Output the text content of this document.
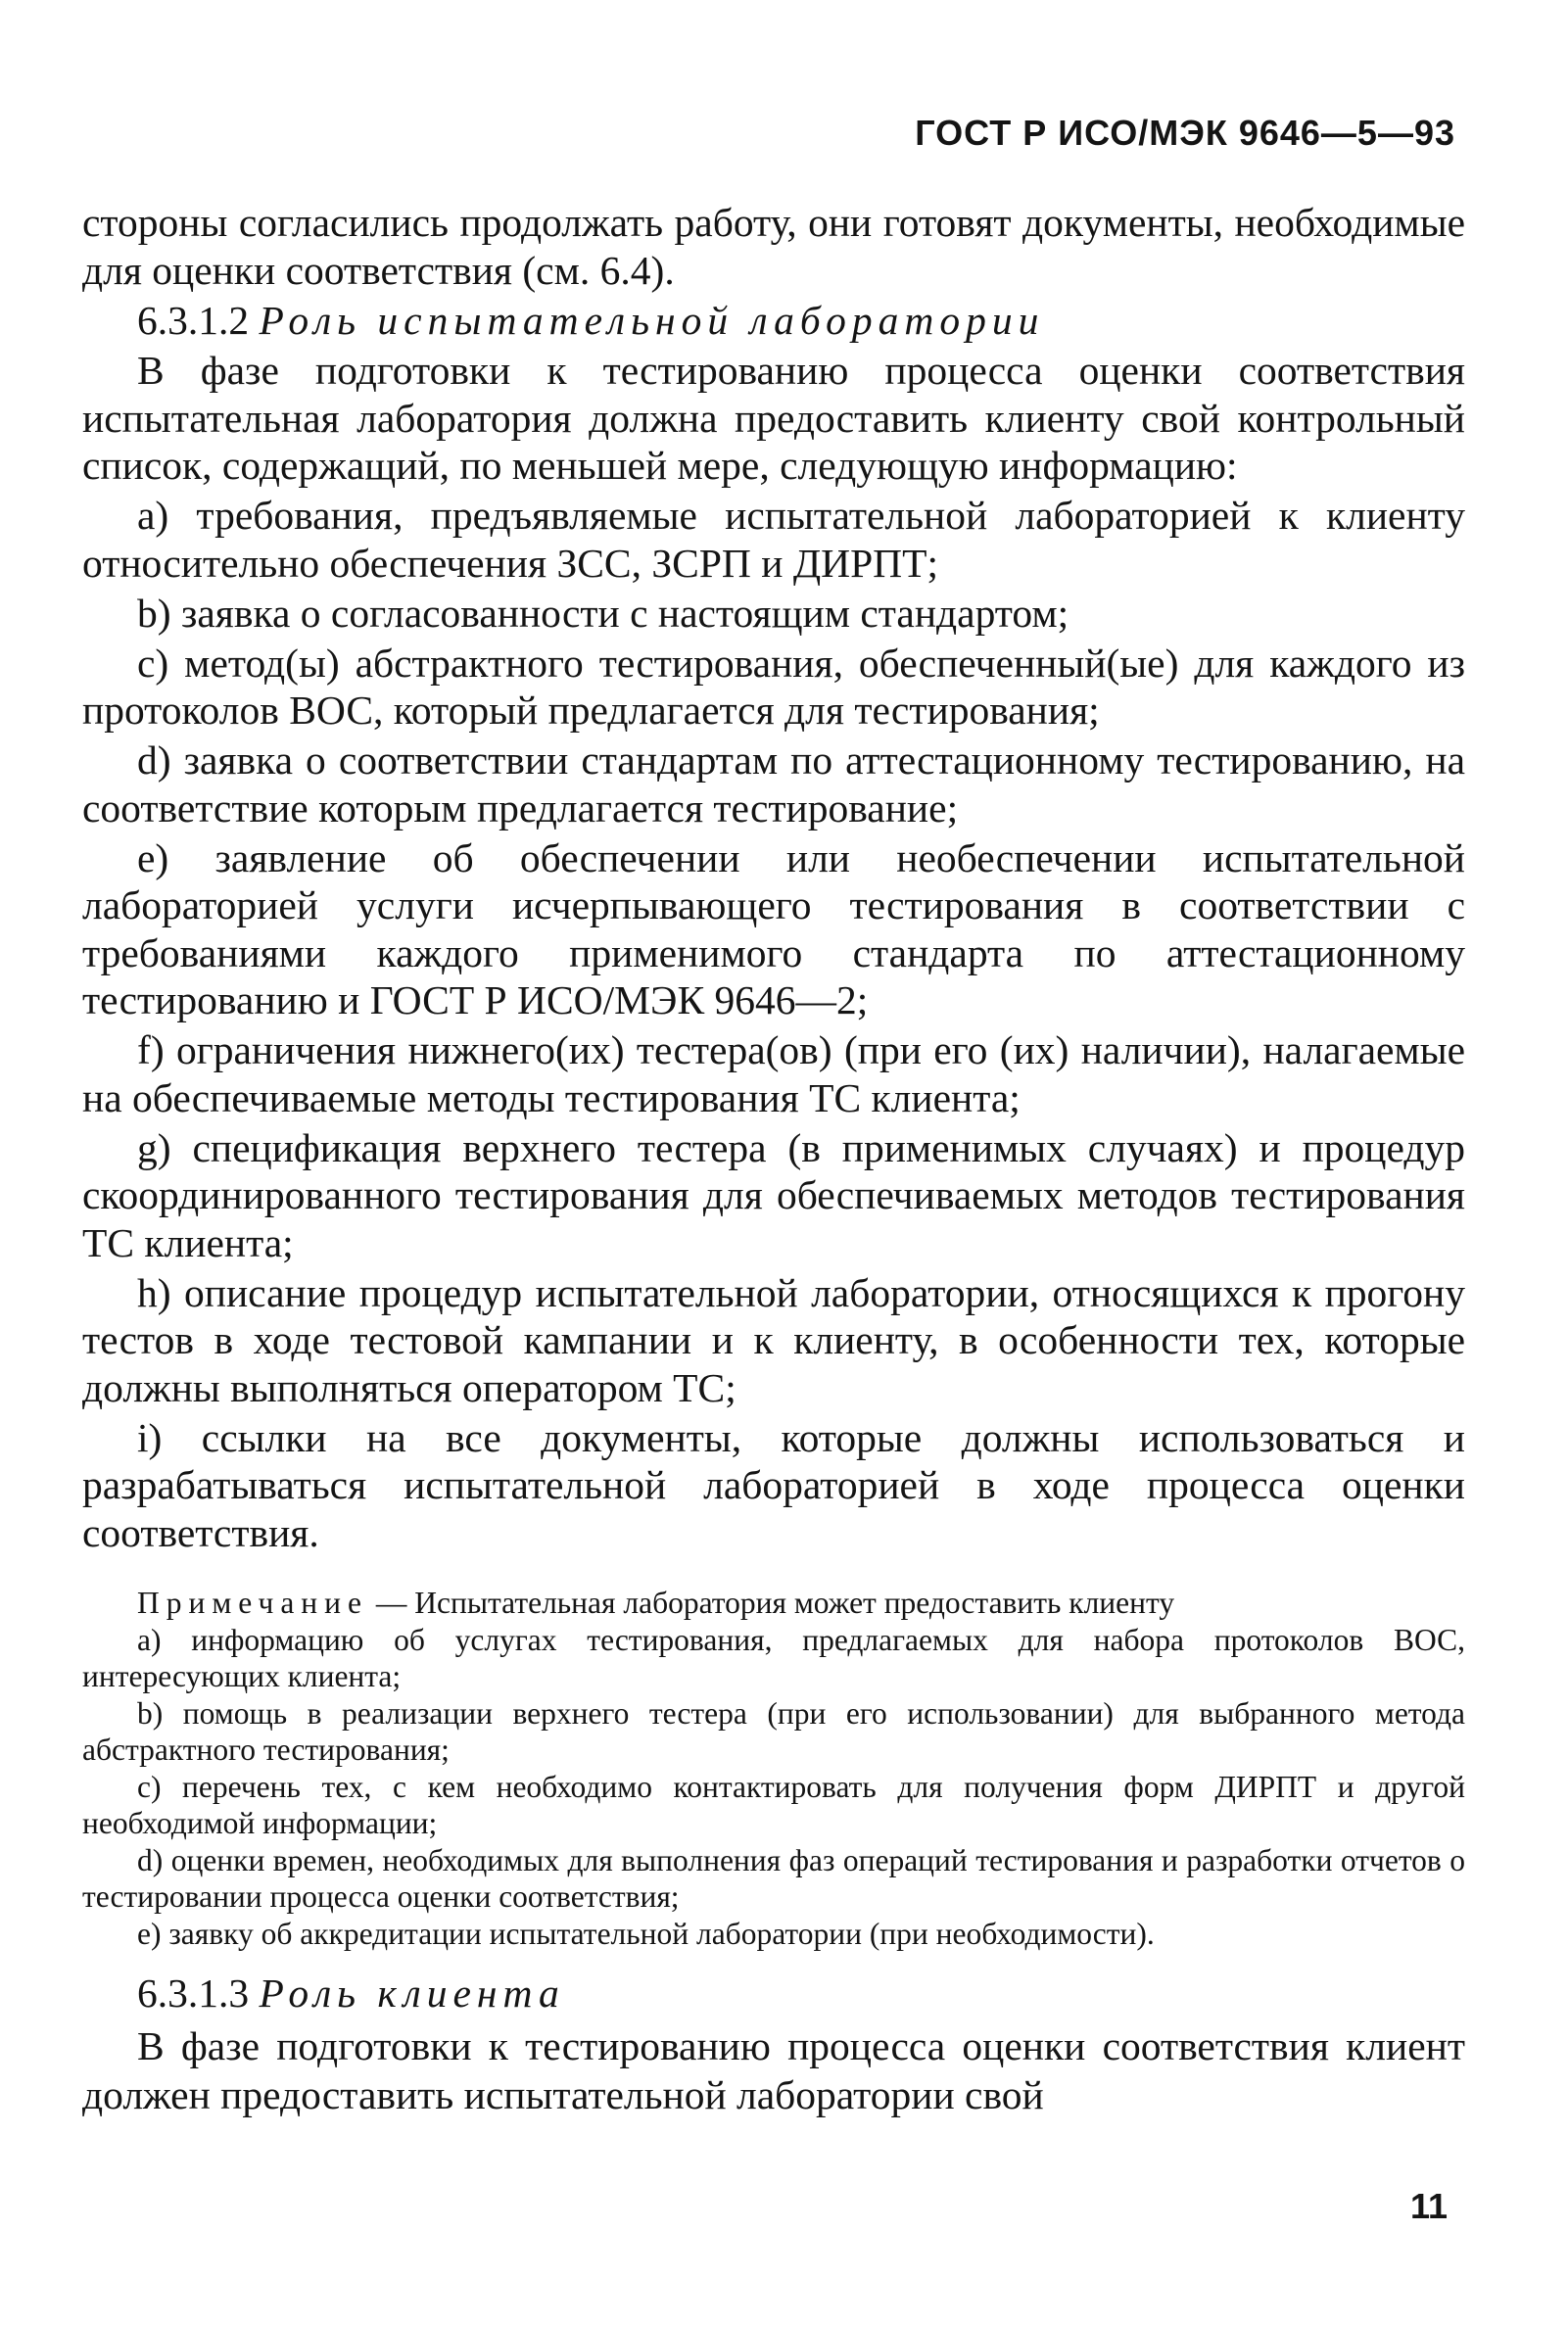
ГОСТ Р ИСО/МЭК 9646—5—93

стороны согласились продолжать работу, они готовят документы, необходимые для оценки соответствия (см. 6.4).

6.3.1.2 Роль испытательной лаборатории

В фазе подготовки к тестированию процесса оценки соответствия испытательная лаборатория должна предоставить клиенту свой контрольный список, содержащий, по меньшей мере, следующую информацию:

а) требования, предъявляемые испытательной лабораторией к клиенту относительно обеспечения ЗСС, ЗСРП и ДИРПТ;

b) заявка о согласованности с настоящим стандартом;

с) метод(ы) абстрактного тестирования, обеспеченный(ые) для каждого из протоколов ВОС, который предлагается для тестирования;

d) заявка о соответствии стандартам по аттестационному тестированию, на соответствие которым предлагается тестирование;

е) заявление об обеспечении или необеспечении испытательной лабораторией услуги исчерпывающего тестирования в соответствии с требованиями каждого применимого стандарта по аттестационному тестированию и ГОСТ Р ИСО/МЭК 9646—2;

f) ограничения нижнего(их) тестера(ов) (при его (их) наличии), налагаемые на обеспечиваемые методы тестирования ТС клиента;

g) спецификация верхнего тестера (в применимых случаях) и процедур скоординированного тестирования для обеспечиваемых методов тестирования ТС клиента;

h) описание процедур испытательной лаборатории, относящихся к прогону тестов в ходе тестовой кампании и к клиенту, в особенности тех, которые должны выполняться оператором ТС;

i) ссылки на все документы, которые должны использоваться и разрабатываться испытательной лабораторией в ходе процесса оценки соответствия.

Примечание — Испытательная лаборатория может предоставить клиенту

а) информацию об услугах тестирования, предлагаемых для набора протоколов ВОС, интересующих клиента;

b) помощь в реализации верхнего тестера (при его использовании) для выбранного метода абстрактного тестирования;

с) перечень тех, с кем необходимо контактировать для получения форм ДИРПТ и другой необходимой информации;

d) оценки времен, необходимых для выполнения фаз операций тестирования и разработки отчетов о тестировании процесса оценки соответствия;

е) заявку об аккредитации испытательной лаборатории (при необходимости).

6.3.1.3 Роль клиента

В фазе подготовки к тестированию процесса оценки соответствия клиент должен предоставить испытательной лаборатории свой

11
